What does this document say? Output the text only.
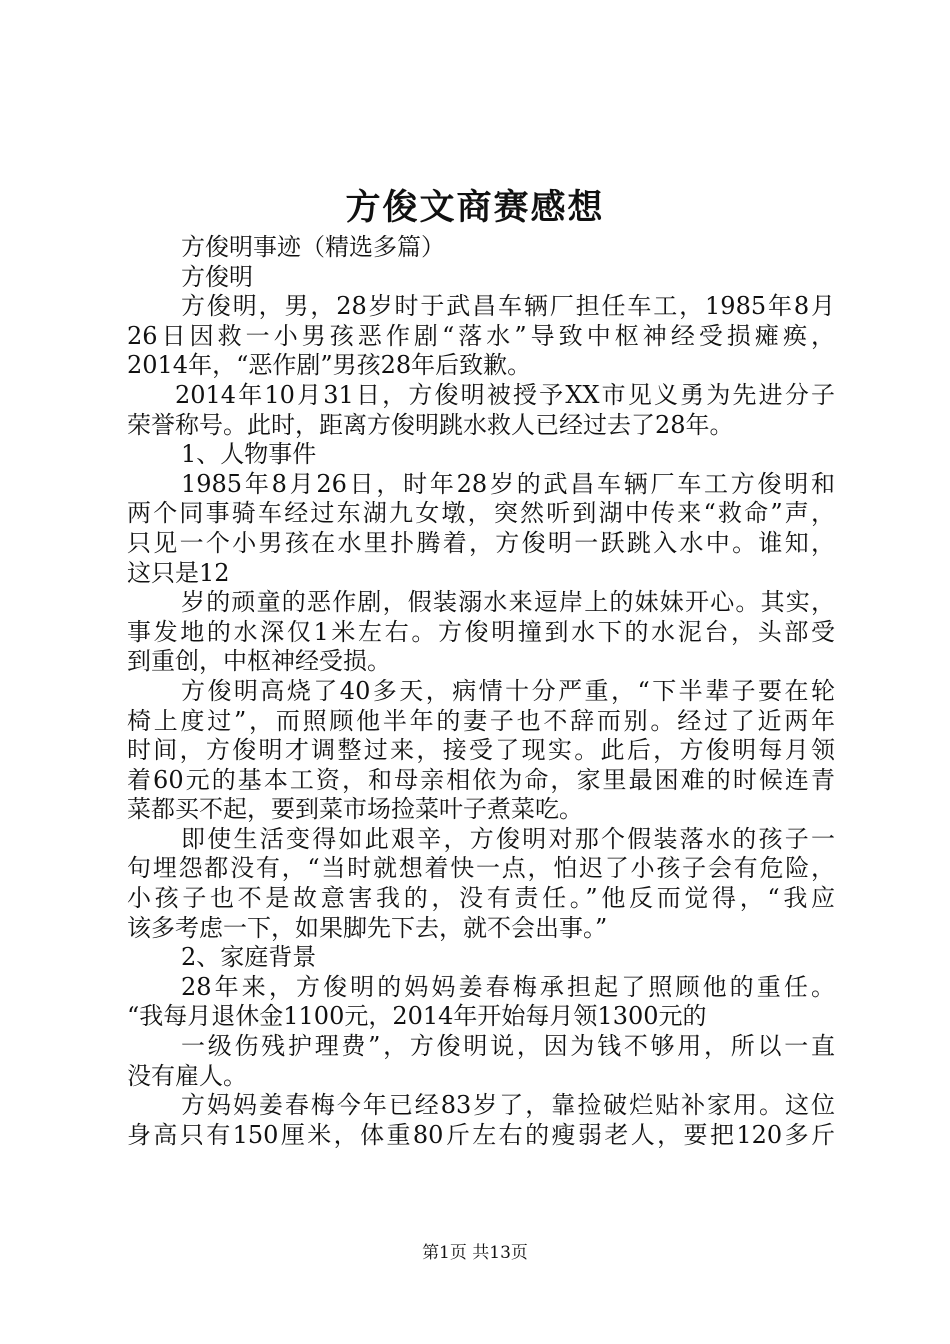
方俊文商赛感想
方俊明事迹（精选多篇）
方俊明
方俊明，男，28岁时于武昌车辆厂担任车工，1985年8月
26日因救一小男孩恶作剧“落水”导致中枢神经受损瘫痪，
2014年，“恶作剧”男孩28年后致歉。
2014年10月31日，方俊明被授予XX市见义勇为先进分子
荣誉称号。此时，距离方俊明跳水救人已经过去了28年。
1、人物事件
1985年8月26日，时年28岁的武昌车辆厂车工方俊明和
两个同事骑车经过东湖九女墩，突然听到湖中传来“救命”声，
只见一个小男孩在水里扑腾着，方俊明一跃跳入水中。谁知，
这只是12
岁的顽童的恶作剧，假装溺水来逗岸上的妹妹开心。其实，
事发地的水深仅1米左右。方俊明撞到水下的水泥台，头部受
到重创，中枢神经受损。
方俊明高烧了40多天，病情十分严重，“下半辈子要在轮
椅上度过”，而照顾他半年的妻子也不辞而别。经过了近两年
时间，方俊明才调整过来，接受了现实。此后，方俊明每月领
着60元的基本工资，和母亲相依为命，家里最困难的时候连青
菜都买不起，要到菜市场捡菜叶子煮菜吃。
即使生活变得如此艰辛，方俊明对那个假装落水的孩子一
句埋怨都没有，“当时就想着快一点，怕迟了小孩子会有危险，
小孩子也不是故意害我的，没有责任。”他反而觉得，“我应
该多考虑一下，如果脚先下去，就不会出事。”
2、家庭背景
28年来，方俊明的妈妈姜春梅承担起了照顾他的重任。
“我每月退休金1100元，2014年开始每月领1300元的
一级伤残护理费”，方俊明说，因为钱不够用，所以一直
没有雇人。
方妈妈姜春梅今年已经83岁了，靠捡破烂贴补家用。这位
身高只有150厘米，体重80斤左右的瘦弱老人，要把120多斤
第1页 共13页
